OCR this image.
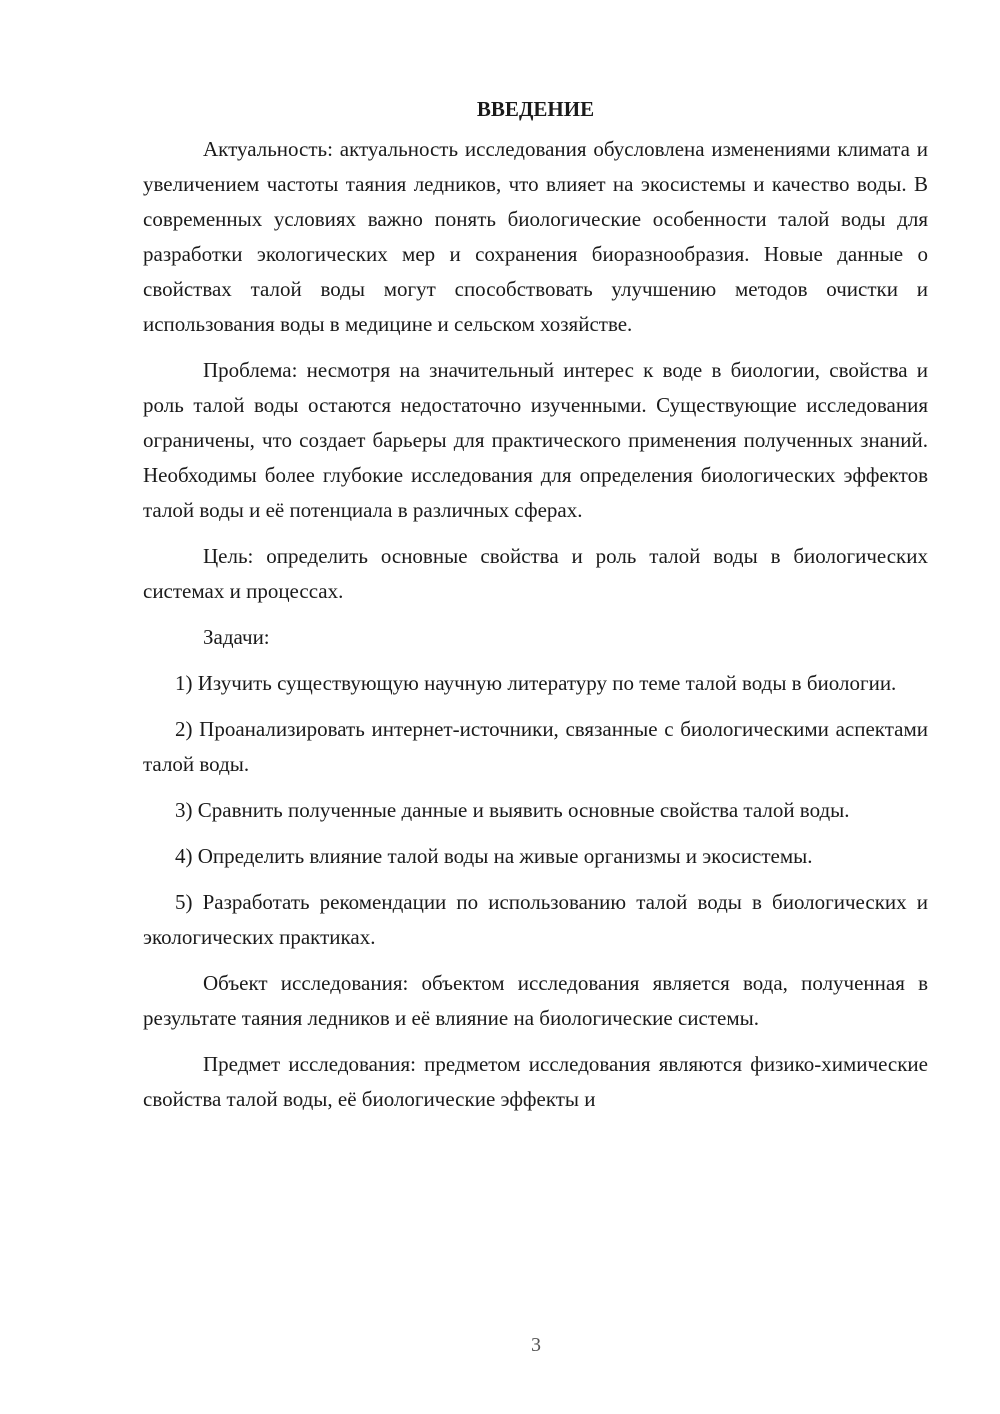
ВВЕДЕНИЕ

Актуальность: актуальность исследования обусловлена изменениями климата и увеличением частоты таяния ледников, что влияет на экосистемы и качество воды. В современных условиях важно понять биологические особенности талой воды для разработки экологических мер и сохранения биоразнообразия. Новые данные о свойствах талой воды могут способствовать улучшению методов очистки и использования воды в медицине и сельском хозяйстве.

Проблема: несмотря на значительный интерес к воде в биологии, свойства и роль талой воды остаются недостаточно изученными. Существующие исследования ограничены, что создает барьеры для практического применения полученных знаний. Необходимы более глубокие исследования для определения биологических эффектов талой воды и её потенциала в различных сферах.

Цель: определить основные свойства и роль талой воды в биологических системах и процессах.

Задачи:

1) Изучить существующую научную литературу по теме талой воды в биологии.

2) Проанализировать интернет-источники, связанные с биологическими аспектами талой воды.

3) Сравнить полученные данные и выявить основные свойства талой воды.

4) Определить влияние талой воды на живые организмы и экосистемы.

5) Разработать рекомендации по использованию талой воды в биологических и экологических практиках.

Объект исследования: объектом исследования является вода, полученная в результате таяния ледников и её влияние на биологические системы.

Предмет исследования: предметом исследования являются физико-химические свойства талой воды, её биологические эффекты и

3
